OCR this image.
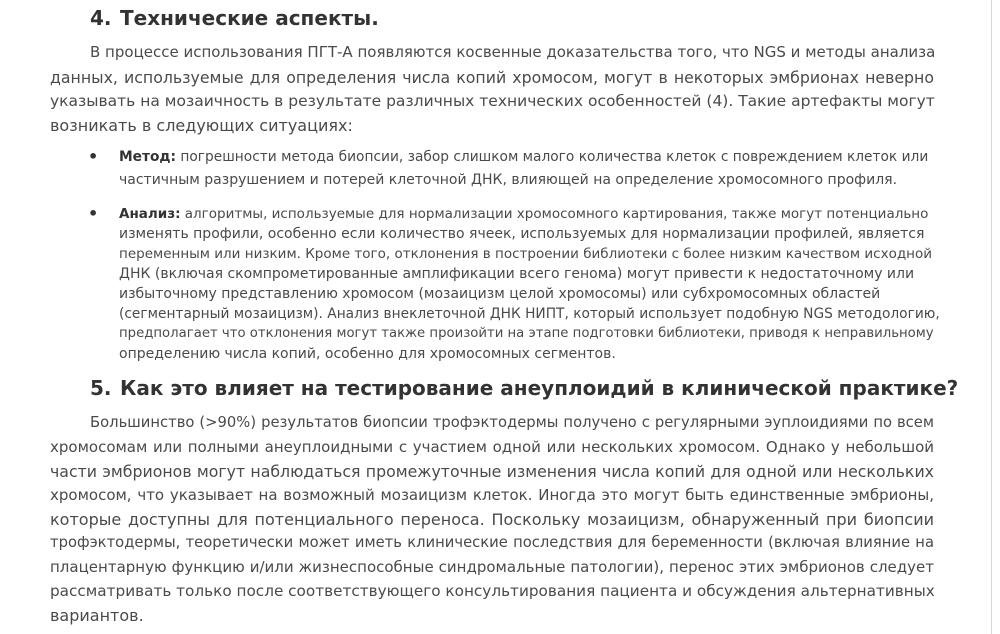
4. Технические аспекты.
В процессе использования ПГТ-А появляются косвенные доказательства того, что NGS и методы анализа
данных, используемые для определения числа копий хромосом, могут в некоторых эмбрионах неверно
указывать на мозаичность в результате различных технических особенностей (4). Такие артефакты могут
возникать в следующих ситуациях:
• Метод: погрешности метода биопсии, забор слишком малого количества клеток с повреждением клеток или
частичным разрушением и потерей клеточной ДНК, влияющей на определение хромосомного профиля.
• Анализ: алгоритмы, используемые для нормализации хромосомного картирования, также могут потенциально
изменять профили, особенно если количество ячеек, используемых для нормализации профилей, является
переменным или низким. Кроме того, отклонения в построении библиотеки с более низким качеством исходной
ДНК (включая скомпрометированные амплификации всего генома) могут привести к недостаточному или
избыточному представлению хромосом (мозаицизм целой хромосомы) или субхромосомных областей
(сегментарный мозаицизм). Анализ внеклеточной ДНК НИПТ, который использует подобную NGS методологию,
предполагает что отклонения могут также произойти на этапе подготовки библиотеки, приводя к неправильному
определению числа копий, особенно для хромосомных сегментов.
5. Как это влияет на тестирование анеуплоидий в клинической практике?
Большинство (>90%) результатов биопсии трофэктодермы получено с регулярными эуплоидиями по всем
хромосомам или полными анеуплоидными с участием одной или нескольких хромосом. Однако у небольшой
части эмбрионов могут наблюдаться промежуточные изменения числа копий для одной или нескольких
хромосом, что указывает на возможный мозаицизм клеток. Иногда это могут быть единственные эмбрионы,
которые доступны для потенциального переноса. Поскольку мозаицизм, обнаруженный при биопсии
трофэктодермы, теоретически может иметь клинические последствия для беременности (включая влияние на
плацентарную функцию и/или жизнеспособные синдромальные патологии), перенос этих эмбрионов следует
рассматривать только после соответствующего консультирования пациента и обсуждения альтернативных
вариантов.
